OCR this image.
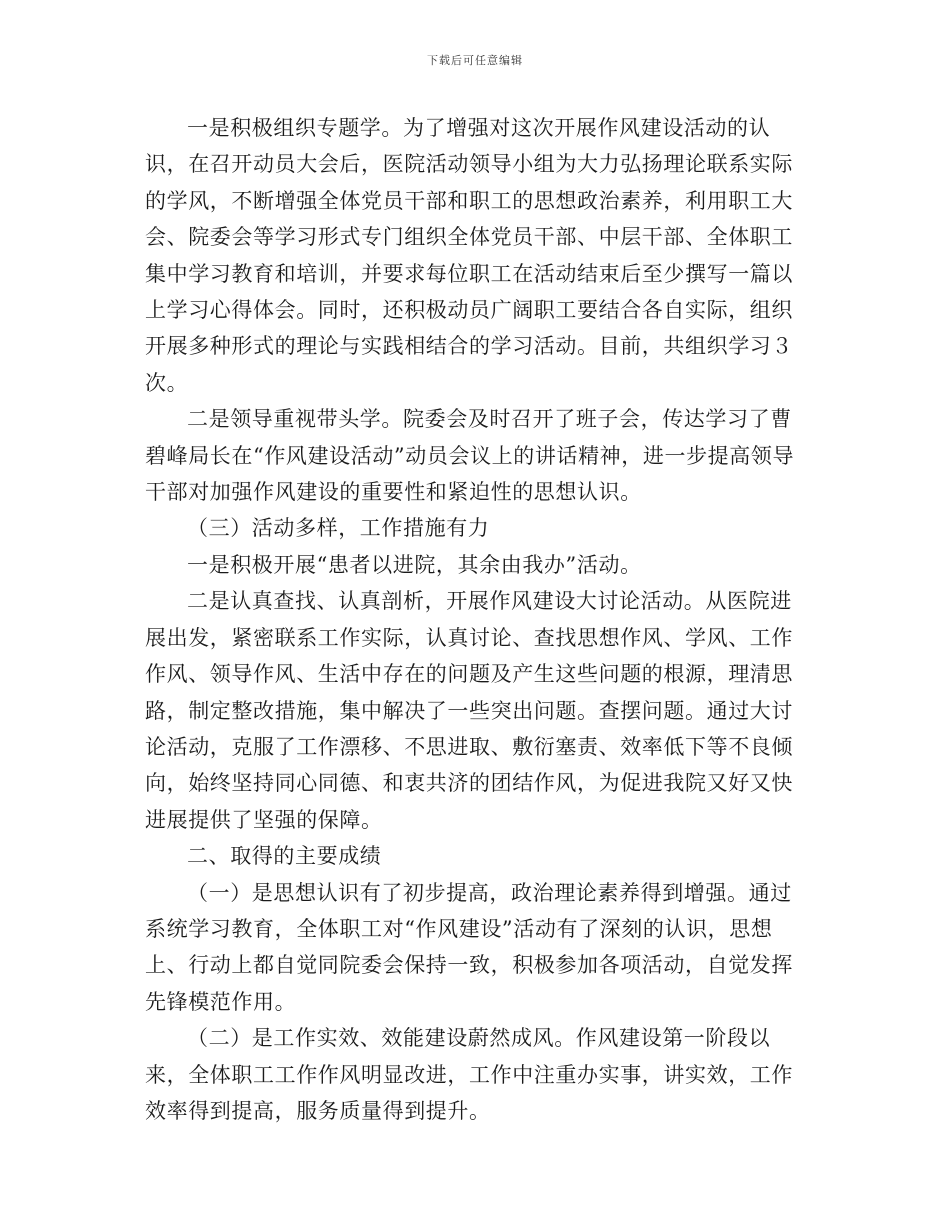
下载后可任意编辑

一是积极组织专题学。为了增强对这次开展作风建设活动的认识，在召开动员大会后，医院活动领导小组为大力弘扬理论联系实际的学风，不断增强全体党员干部和职工的思想政治素养，利用职工大会、院委会等学习形式专门组织全体党员干部、中层干部、全体职工集中学习教育和培训，并要求每位职工在活动结束后至少撰写一篇以上学习心得体会。同时，还积极动员广阔职工要结合各自实际，组织开展多种形式的理论与实践相结合的学习活动。目前，共组织学习３次。

二是领导重视带头学。院委会及时召开了班子会，传达学习了曹碧峰局长在“作风建设活动”动员会议上的讲话精神，进一步提高领导干部对加强作风建设的重要性和紧迫性的思想认识。

（三）活动多样，工作措施有力

一是积极开展“患者以进院，其余由我办”活动。

二是认真查找、认真剖析，开展作风建设大讨论活动。从医院进展出发，紧密联系工作实际，认真讨论、查找思想作风、学风、工作作风、领导作风、生活中存在的问题及产生这些问题的根源，理清思路，制定整改措施，集中解决了一些突出问题。查摆问题。通过大讨论活动，克服了工作漂移、不思进取、敷衍塞责、效率低下等不良倾向，始终坚持同心同德、和衷共济的团结作风，为促进我院又好又快进展提供了坚强的保障。

二、取得的主要成绩

（一）是思想认识有了初步提高，政治理论素养得到增强。通过系统学习教育，全体职工对“作风建设”活动有了深刻的认识，思想上、行动上都自觉同院委会保持一致，积极参加各项活动，自觉发挥先锋模范作用。

（二）是工作实效、效能建设蔚然成风。作风建设第一阶段以来，全体职工工作作风明显改进，工作中注重办实事，讲实效，工作效率得到提高，服务质量得到提升。
